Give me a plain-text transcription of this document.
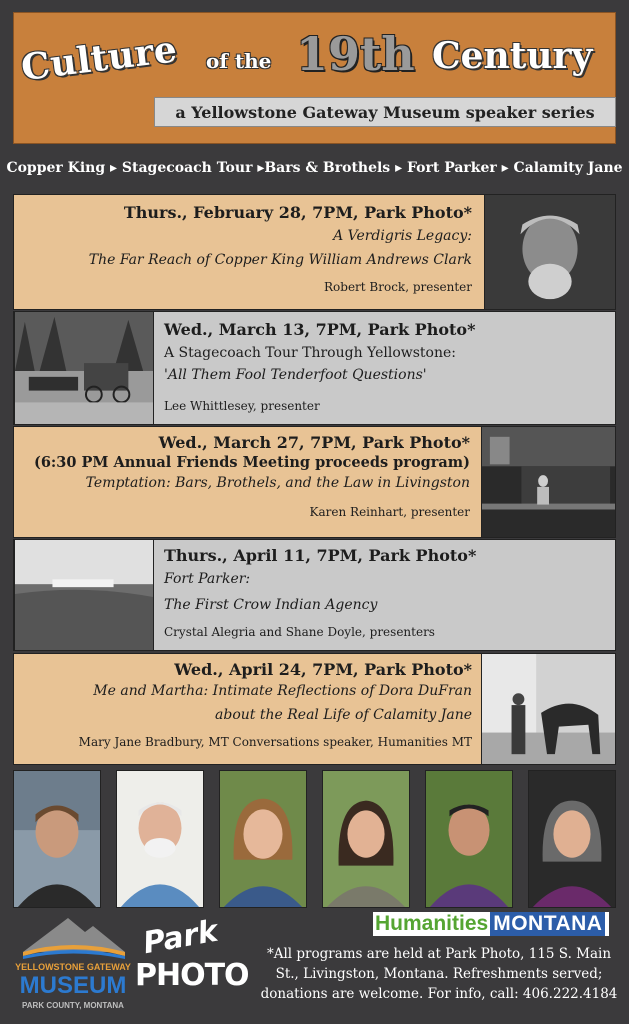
Culture of the 19th Century
a Yellowstone Gateway Museum speaker series
Copper King ▸ Stagecoach Tour ▸Bars & Brothels ▸ Fort Parker ▸ Calamity Jane
Thurs., February 28, 7PM, Park Photo*
A Verdigris Legacy:
The Far Reach of Copper King William Andrews Clark
Robert Brock, presenter
Wed., March 13, 7PM, Park Photo*
A Stagecoach Tour Through Yellowstone:
'All Them Fool Tenderfoot Questions'
Lee Whittlesey, presenter
Wed., March 27, 7PM, Park Photo*
(6:30 PM Annual Friends Meeting proceeds program)
Temptation: Bars, Brothels, and the Law in Livingston
Karen Reinhart, presenter
Thurs., April 11, 7PM, Park Photo*
Fort Parker:
The First Crow Indian Agency
Crystal Alegria and Shane Doyle, presenters
Wed., April 24, 7PM, Park Photo*
Me and Martha: Intimate Reflections of Dora DuFran
about the Real Life of Calamity Jane
Mary Jane Bradbury, MT Conversations speaker, Humanities MT
Humanities MONTANA
YELLOWSTONE GATEWAY
MUSEUM
PARK COUNTY, MONTANA
Park
PHOTO
*All programs are held at Park Photo, 115 S. Main St., Livingston, Montana. Refreshments served; donations are welcome. For info, call: 406.222.4184
